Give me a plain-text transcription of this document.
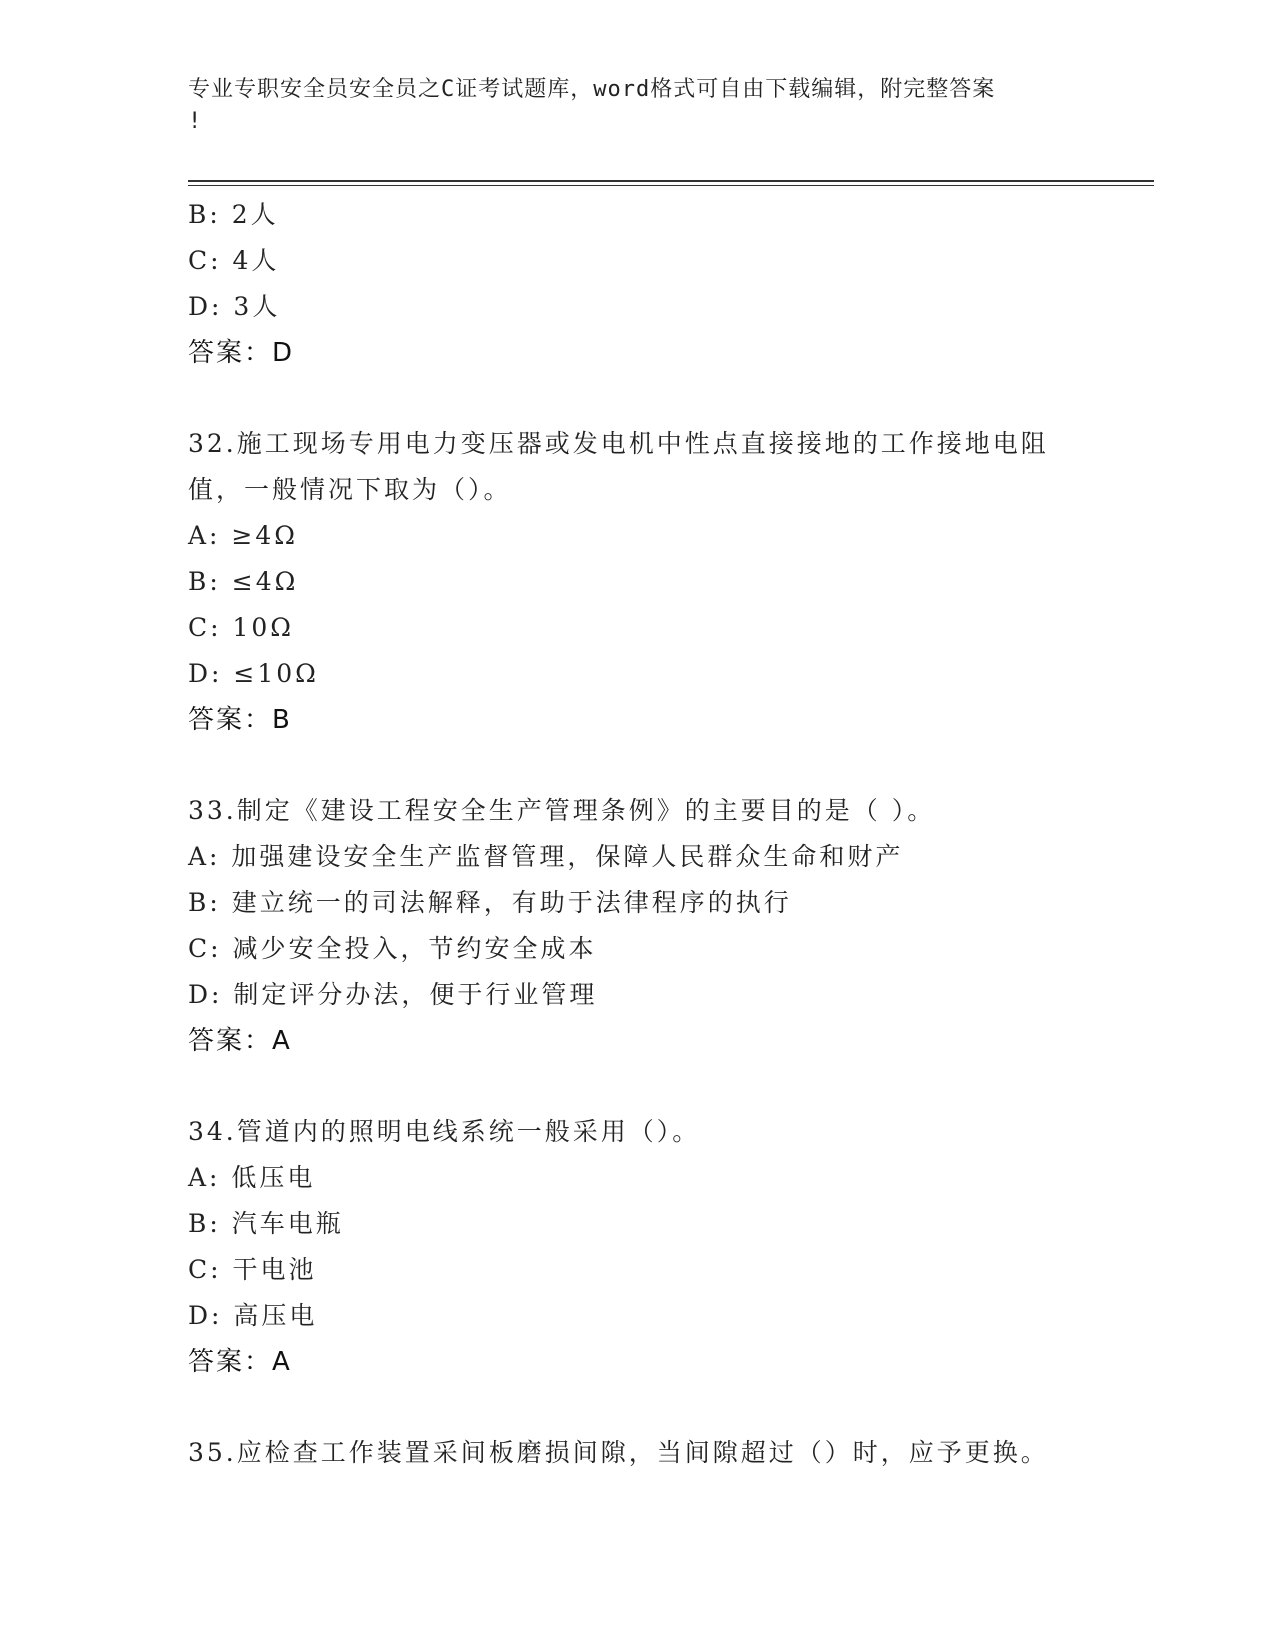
专业专职安全员安全员之C证考试题库，word格式可自由下载编辑，附完整答案
!
B: 2人
C: 4人
D: 3人
答案：D
32.施工现场专用电力变压器或发电机中性点直接接地的工作接地电阻
值，一般情况下取为（）。
A: ≥4Ω
B: ≤4Ω
C: 10Ω
D: ≤10Ω
答案：B
33.制定《建设工程安全生产管理条例》的主要目的是（ ）。
A: 加强建设安全生产监督管理，保障人民群众生命和财产
B: 建立统一的司法解释，有助于法律程序的执行
C: 减少安全投入，节约安全成本
D: 制定评分办法，便于行业管理
答案：A
34.管道内的照明电线系统一般采用（）。
A: 低压电
B: 汽车电瓶
C: 干电池
D: 高压电
答案：A
35.应检查工作装置采间板磨损间隙，当间隙超过（）时，应予更换。
